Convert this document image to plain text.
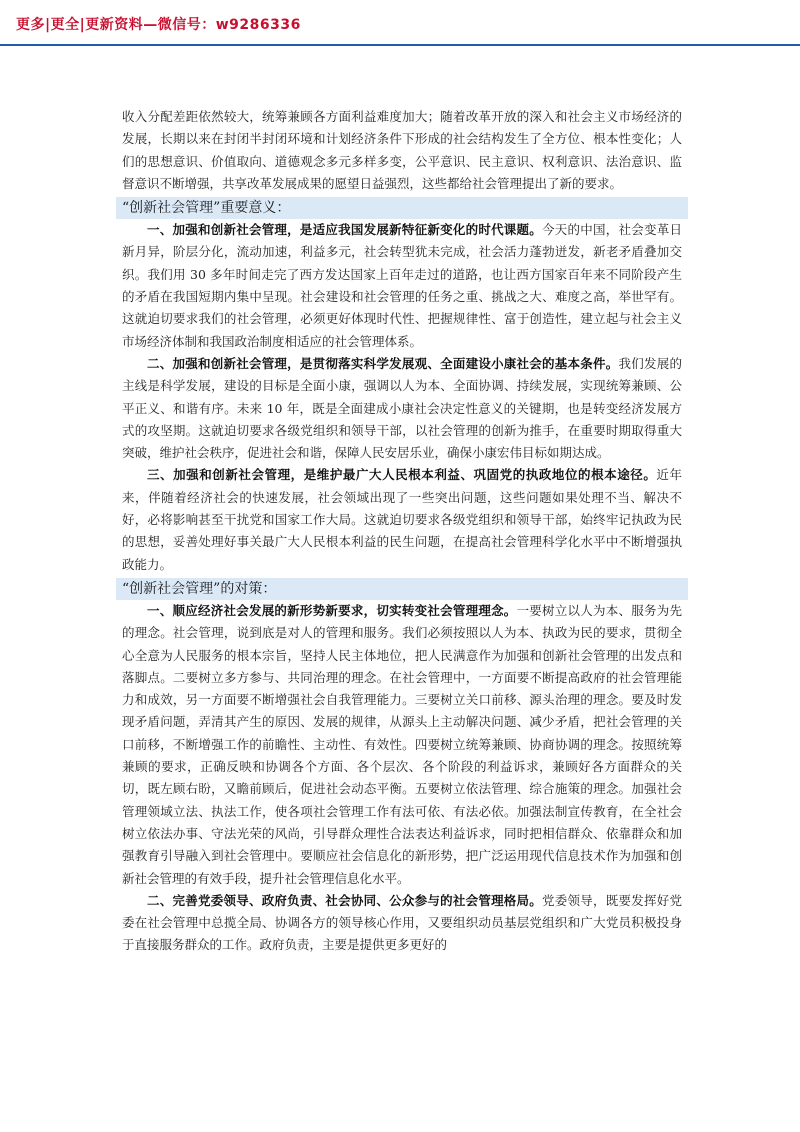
更多|更全|更新资料—微信号：w9286336

收入分配差距依然较大，统筹兼顾各方面利益难度加大；随着改革开放的深入和社会主义市场经济的发展，长期以来在封闭半封闭环境和计划经济条件下形成的社会结构发生了全方位、根本性变化；人们的思想意识、价值取向、道德观念多元多样多变，公平意识、民主意识、权利意识、法治意识、监督意识不断增强，共享改革发展成果的愿望日益强烈，这些都给社会管理提出了新的要求。

“创新社会管理”重要意义：

一、加强和创新社会管理，是适应我国发展新特征新变化的时代课题。今天的中国，社会变革日新月异，阶层分化，流动加速，利益多元，社会转型犹未完成，社会活力蓬勃迸发，新老矛盾叠加交织。我们用 30 多年时间走完了西方发达国家上百年走过的道路，也让西方国家百年来不同阶段产生的矛盾在我国短期内集中呈现。社会建设和社会管理的任务之重、挑战之大、难度之高，举世罕有。这就迫切要求我们的社会管理，必须更好体现时代性、把握规律性、富于创造性，建立起与社会主义市场经济体制和我国政治制度相适应的社会管理体系。

二、加强和创新社会管理，是贯彻落实科学发展观、全面建设小康社会的基本条件。我们发展的主线是科学发展，建设的目标是全面小康，强调以人为本、全面协调、持续发展，实现统筹兼顾、公平正义、和谐有序。未来 10 年，既是全面建成小康社会决定性意义的关键期，也是转变经济发展方式的攻坚期。这就迫切要求各级党组织和领导干部，以社会管理的创新为推手，在重要时期取得重大突破，维护社会秩序，促进社会和谐，保障人民安居乐业，确保小康宏伟目标如期达成。

三、加强和创新社会管理，是维护最广大人民根本利益、巩固党的执政地位的根本途径。近年来，伴随着经济社会的快速发展，社会领域出现了一些突出问题，这些问题如果处理不当、解决不好，必将影响甚至干扰党和国家工作大局。这就迫切要求各级党组织和领导干部，始终牢记执政为民的思想，妥善处理好事关最广大人民根本利益的民生问题，在提高社会管理科学化水平中不断增强执政能力。

“创新社会管理”的对策：

一、顺应经济社会发展的新形势新要求，切实转变社会管理理念。一要树立以人为本、服务为先的理念。社会管理，说到底是对人的管理和服务。我们必须按照以人为本、执政为民的要求，贯彻全心全意为人民服务的根本宗旨，坚持人民主体地位，把人民满意作为加强和创新社会管理的出发点和落脚点。二要树立多方参与、共同治理的理念。在社会管理中，一方面要不断提高政府的社会管理能力和成效，另一方面要不断增强社会自我管理能力。三要树立关口前移、源头治理的理念。要及时发现矛盾问题，弄清其产生的原因、发展的规律，从源头上主动解决问题、减少矛盾，把社会管理的关口前移，不断增强工作的前瞻性、主动性、有效性。四要树立统筹兼顾、协商协调的理念。按照统筹兼顾的要求，正确反映和协调各个方面、各个层次、各个阶段的利益诉求，兼顾好各方面群众的关切，既左顾右盼，又瞻前顾后，促进社会动态平衡。五要树立依法管理、综合施策的理念。加强社会管理领域立法、执法工作，使各项社会管理工作有法可依、有法必依。加强法制宣传教育，在全社会树立依法办事、守法光荣的风尚，引导群众理性合法表达利益诉求，同时把相信群众、依靠群众和加强教育引导融入到社会管理中。要顺应社会信息化的新形势，把广泛运用现代信息技术作为加强和创新社会管理的有效手段，提升社会管理信息化水平。

二、完善党委领导、政府负责、社会协同、公众参与的社会管理格局。党委领导，既要发挥好党委在社会管理中总揽全局、协调各方的领导核心作用，又要组织动员基层党组织和广大党员积极投身于直接服务群众的工作。政府负责，主要是提供更多更好的
